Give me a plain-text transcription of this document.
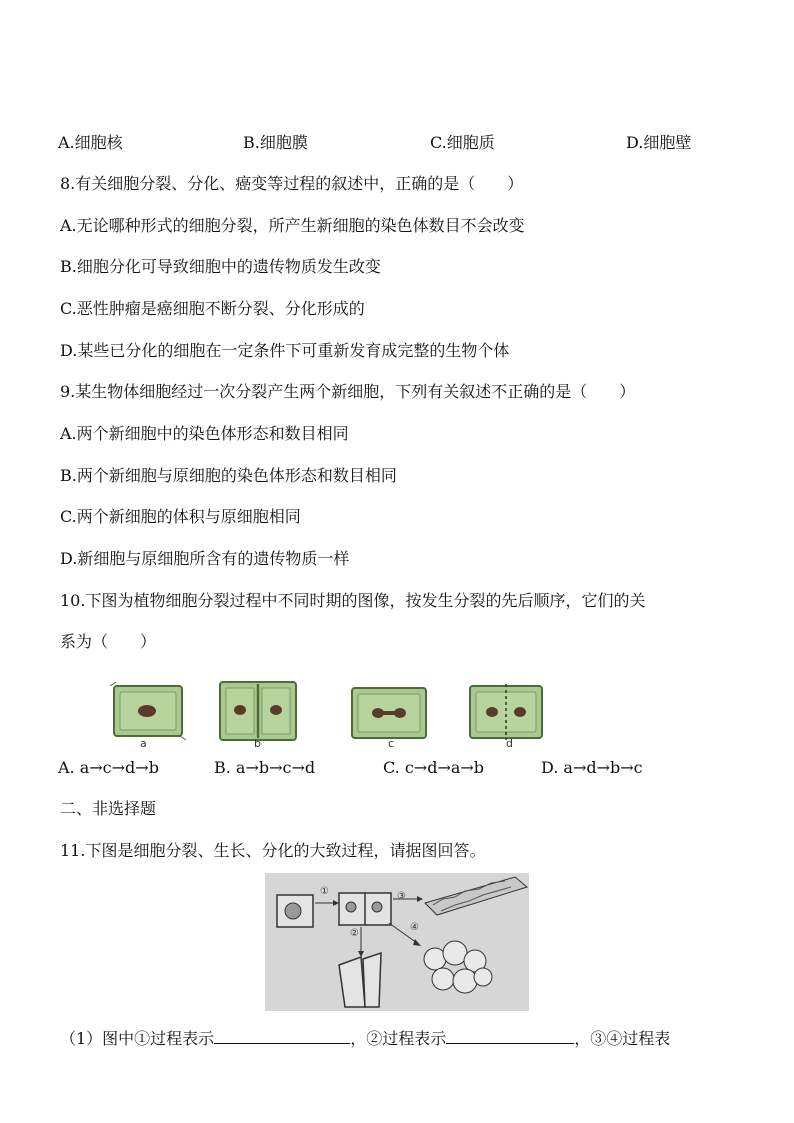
A.细胞核	B.细胞膜	C.细胞质	D.细胞壁
8.有关细胞分裂、分化、癌变等过程的叙述中，正确的是（　　）
A.无论哪种形式的细胞分裂，所产生新细胞的染色体数目不会改变
B.细胞分化可导致细胞中的遗传物质发生改变
C.恶性肿瘤是癌细胞不断分裂、分化形成的
D.某些已分化的细胞在一定条件下可重新发育成完整的生物个体
9.某生物体细胞经过一次分裂产生两个新细胞，下列有关叙述不正确的是（　　）
A.两个新细胞中的染色体形态和数目相同
B.两个新细胞与原细胞的染色体形态和数目相同
C.两个新细胞的体积与原细胞相同
D.新细胞与原细胞所含有的遗传物质一样
10.下图为植物细胞分裂过程中不同时期的图像，按发生分裂的先后顺序，它们的关
系为（　　）
a	b	c	d
A. a→c→d→b	B. a→b→c→d	C. c→d→a→b	D. a→d→b→c
二、非选择题
11.下图是细胞分裂、生长、分化的大致过程，请据图回答。
①
②
③
④
（1）图中①过程表示	，②过程表示	，③④过程表
